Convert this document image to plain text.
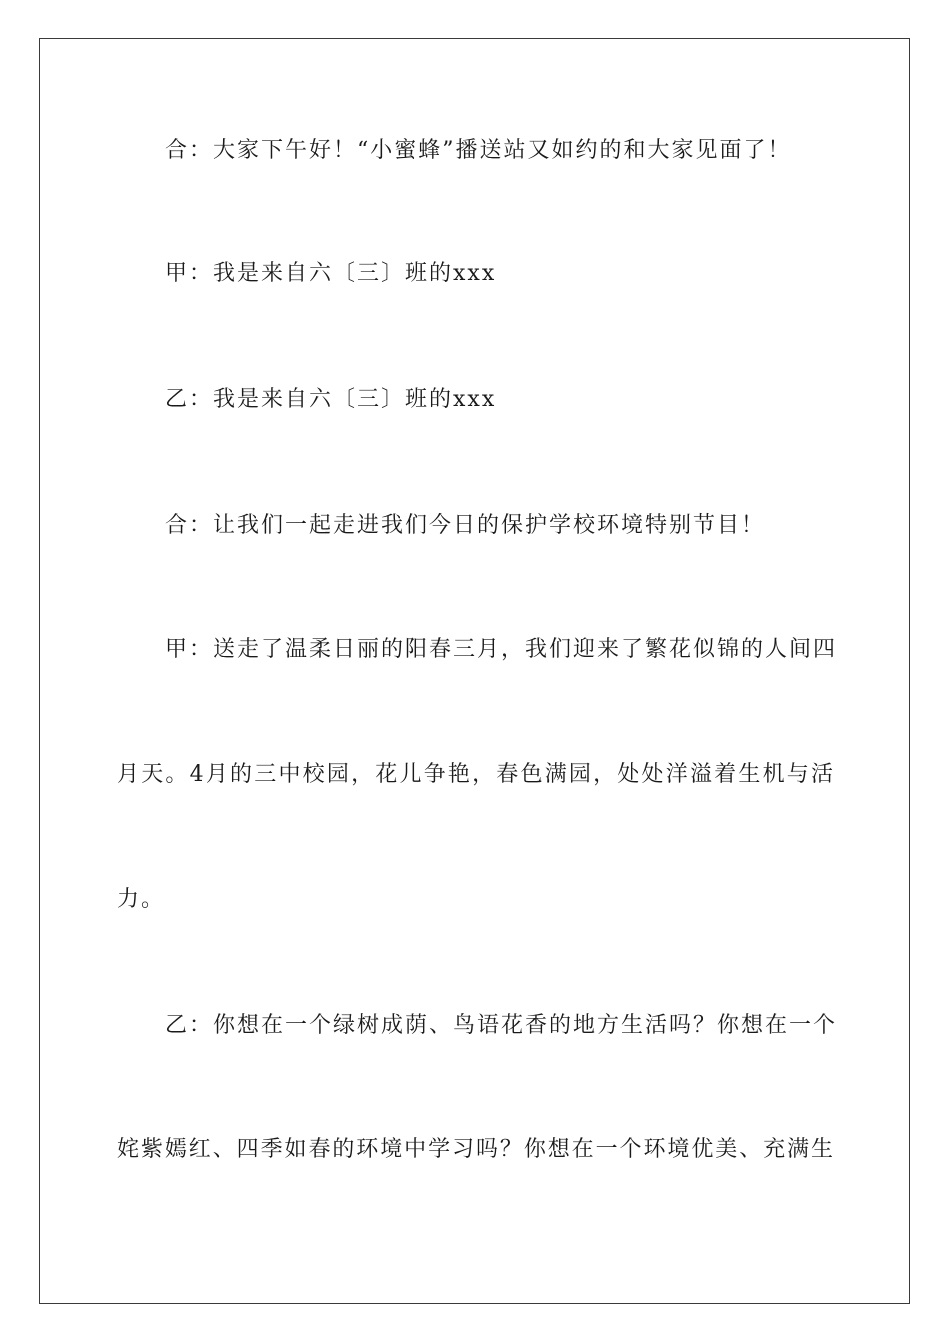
合：大家下午好！“小蜜蜂”播送站又如约的和大家见面了！
甲：我是来自六〔三〕班的xxx
乙：我是来自六〔三〕班的xxx
合：让我们一起走进我们今日的保护学校环境特别节目！
甲：送走了温柔日丽的阳春三月，我们迎来了繁花似锦的人间四
月天。4月的三中校园，花儿争艳，春色满园，处处洋溢着生机与活
力。
乙：你想在一个绿树成荫、鸟语花香的地方生活吗？你想在一个
姹紫嫣红、四季如春的环境中学习吗？你想在一个环境优美、充满生
